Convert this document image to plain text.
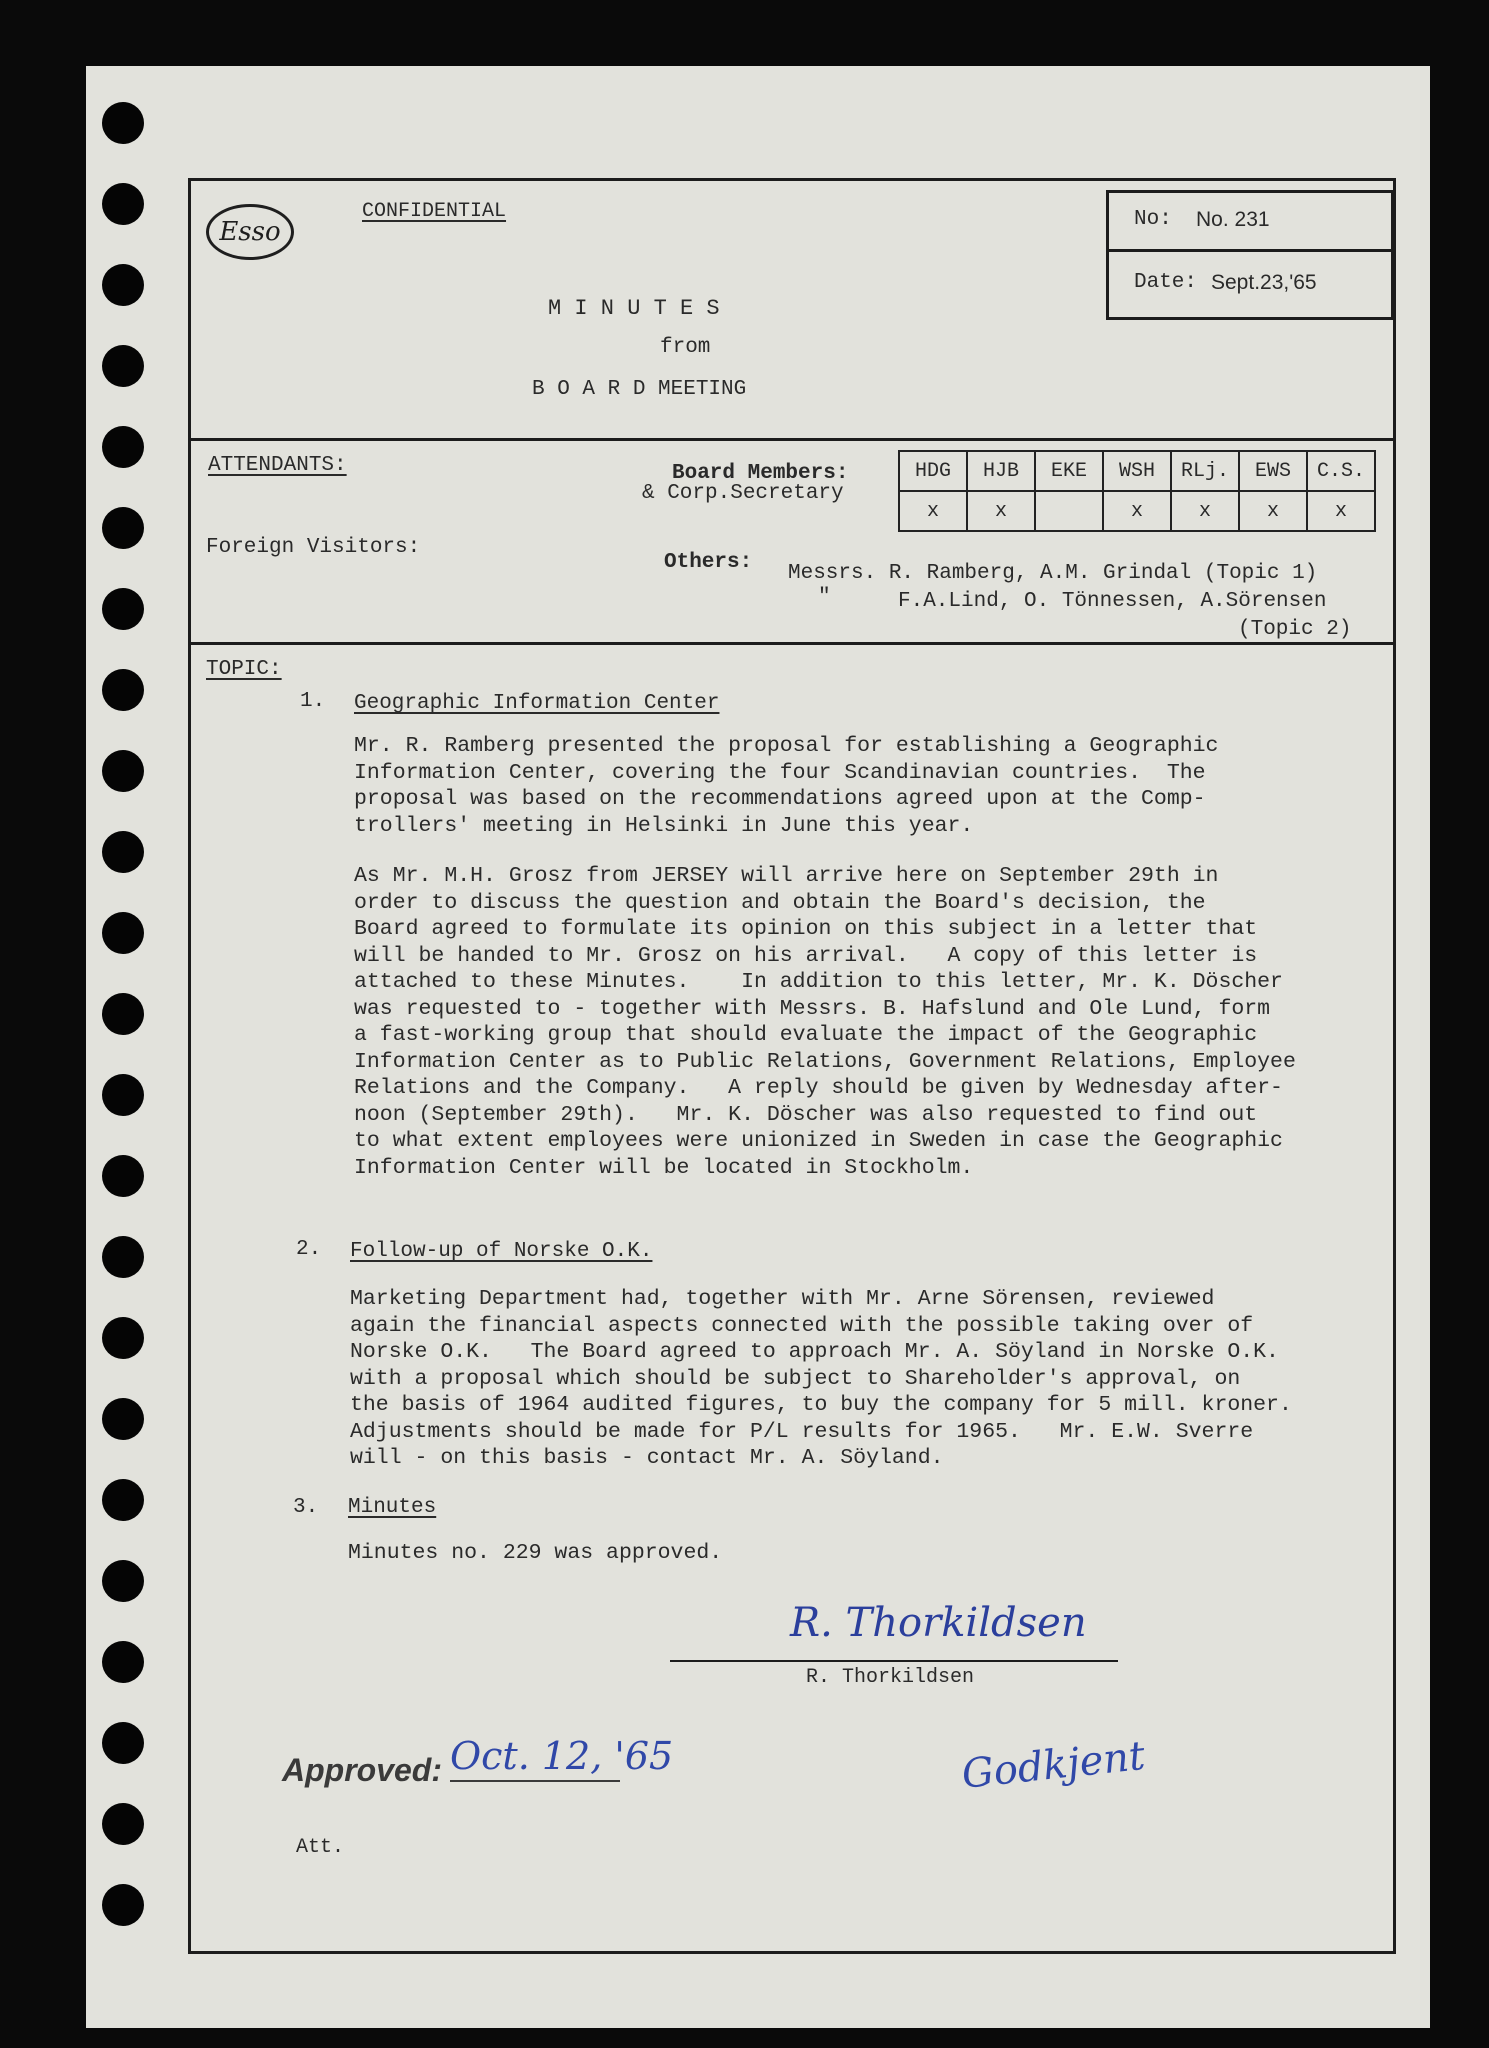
Esso
CONFIDENTIAL
M I N U T E S
from
B O A R D MEETING
No: No. 231
Date: Sept.23,'65
ATTENDANTS:	Board Members:
& Corp.Secretary
Foreign Visitors:
Others: Messrs. R. Ramberg, A.M. Grindal (Topic 1)
"	F.A.Lind, O. Tönnessen, A.Sörensen
(Topic 2)
HDG	HJB	EKE	WSH	RLj.	EWS	C.S.
x	x		x	x	x	x
TOPIC:
1. Geographic Information Center
Mr. R. Ramberg presented the proposal for establishing a Geographic
Information Center, covering the four Scandinavian countries.  The
proposal was based on the recommendations agreed upon at the Comp-
trollers' meeting in Helsinki in June this year.
As Mr. M.H. Grosz from JERSEY will arrive here on September 29th in
order to discuss the question and obtain the Board's decision, the
Board agreed to formulate its opinion on this subject in a letter that
will be handed to Mr. Grosz on his arrival.   A copy of this letter is
attached to these Minutes.    In addition to this letter, Mr. K. Döscher
was requested to - together with Messrs. B. Hafslund and Ole Lund, form
a fast-working group that should evaluate the impact of the Geographic
Information Center as to Public Relations, Government Relations, Employee
Relations and the Company.   A reply should be given by Wednesday after-
noon (September 29th).   Mr. K. Döscher was also requested to find out
to what extent employees were unionized in Sweden in case the Geographic
Information Center will be located in Stockholm.
2. Follow-up of Norske O.K.
Marketing Department had, together with Mr. Arne Sörensen, reviewed
again the financial aspects connected with the possible taking over of
Norske O.K.   The Board agreed to approach Mr. A. Söyland in Norske O.K.
with a proposal which should be subject to Shareholder's approval, on
the basis of 1964 audited figures, to buy the company for 5 mill. kroner.
Adjustments should be made for P/L results for 1965.   Mr. E.W. Sverre
will - on this basis - contact Mr. A. Söyland.
3. Minutes
Minutes no. 229 was approved.
R. Thorkildsen
R. Thorkildsen
Approved: Oct. 12, '65	Godkjent
Att.
